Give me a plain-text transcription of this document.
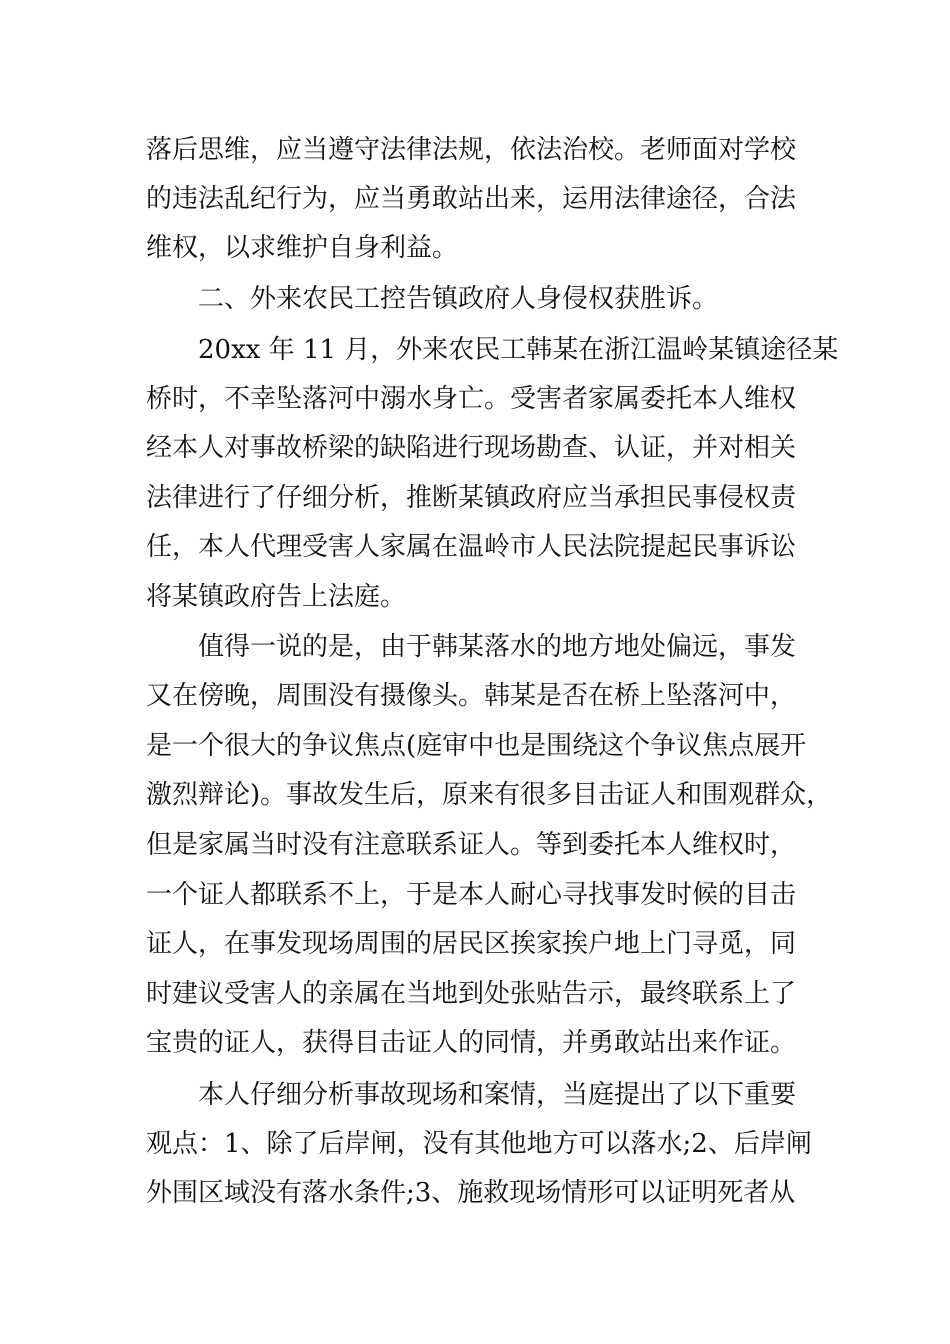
落后思维，应当遵守法律法规，依法治校。老师面对学校
的违法乱纪行为，应当勇敢站出来，运用法律途径，合法
维权，以求维护自身利益。
二、外来农民工控告镇政府人身侵权获胜诉。
20xx 年 11 月，外来农民工韩某在浙江温岭某镇途径某
桥时，不幸坠落河中溺水身亡。受害者家属委托本人维权
经本人对事故桥梁的缺陷进行现场勘查、认证，并对相关
法律进行了仔细分析，推断某镇政府应当承担民事侵权责
任，本人代理受害人家属在温岭市人民法院提起民事诉讼
将某镇政府告上法庭。
值得一说的是，由于韩某落水的地方地处偏远，事发
又在傍晚，周围没有摄像头。韩某是否在桥上坠落河中，
是一个很大的争议焦点(庭审中也是围绕这个争议焦点展开
激烈辩论)。事故发生后，原来有很多目击证人和围观群众，
但是家属当时没有注意联系证人。等到委托本人维权时，
一个证人都联系不上，于是本人耐心寻找事发时候的目击
证人，在事发现场周围的居民区挨家挨户地上门寻觅，同
时建议受害人的亲属在当地到处张贴告示，最终联系上了
宝贵的证人，获得目击证人的同情，并勇敢站出来作证。
本人仔细分析事故现场和案情，当庭提出了以下重要
观点：1、除了后岸闸，没有其他地方可以落水;2、后岸闸
外围区域没有落水条件;3、施救现场情形可以证明死者从
